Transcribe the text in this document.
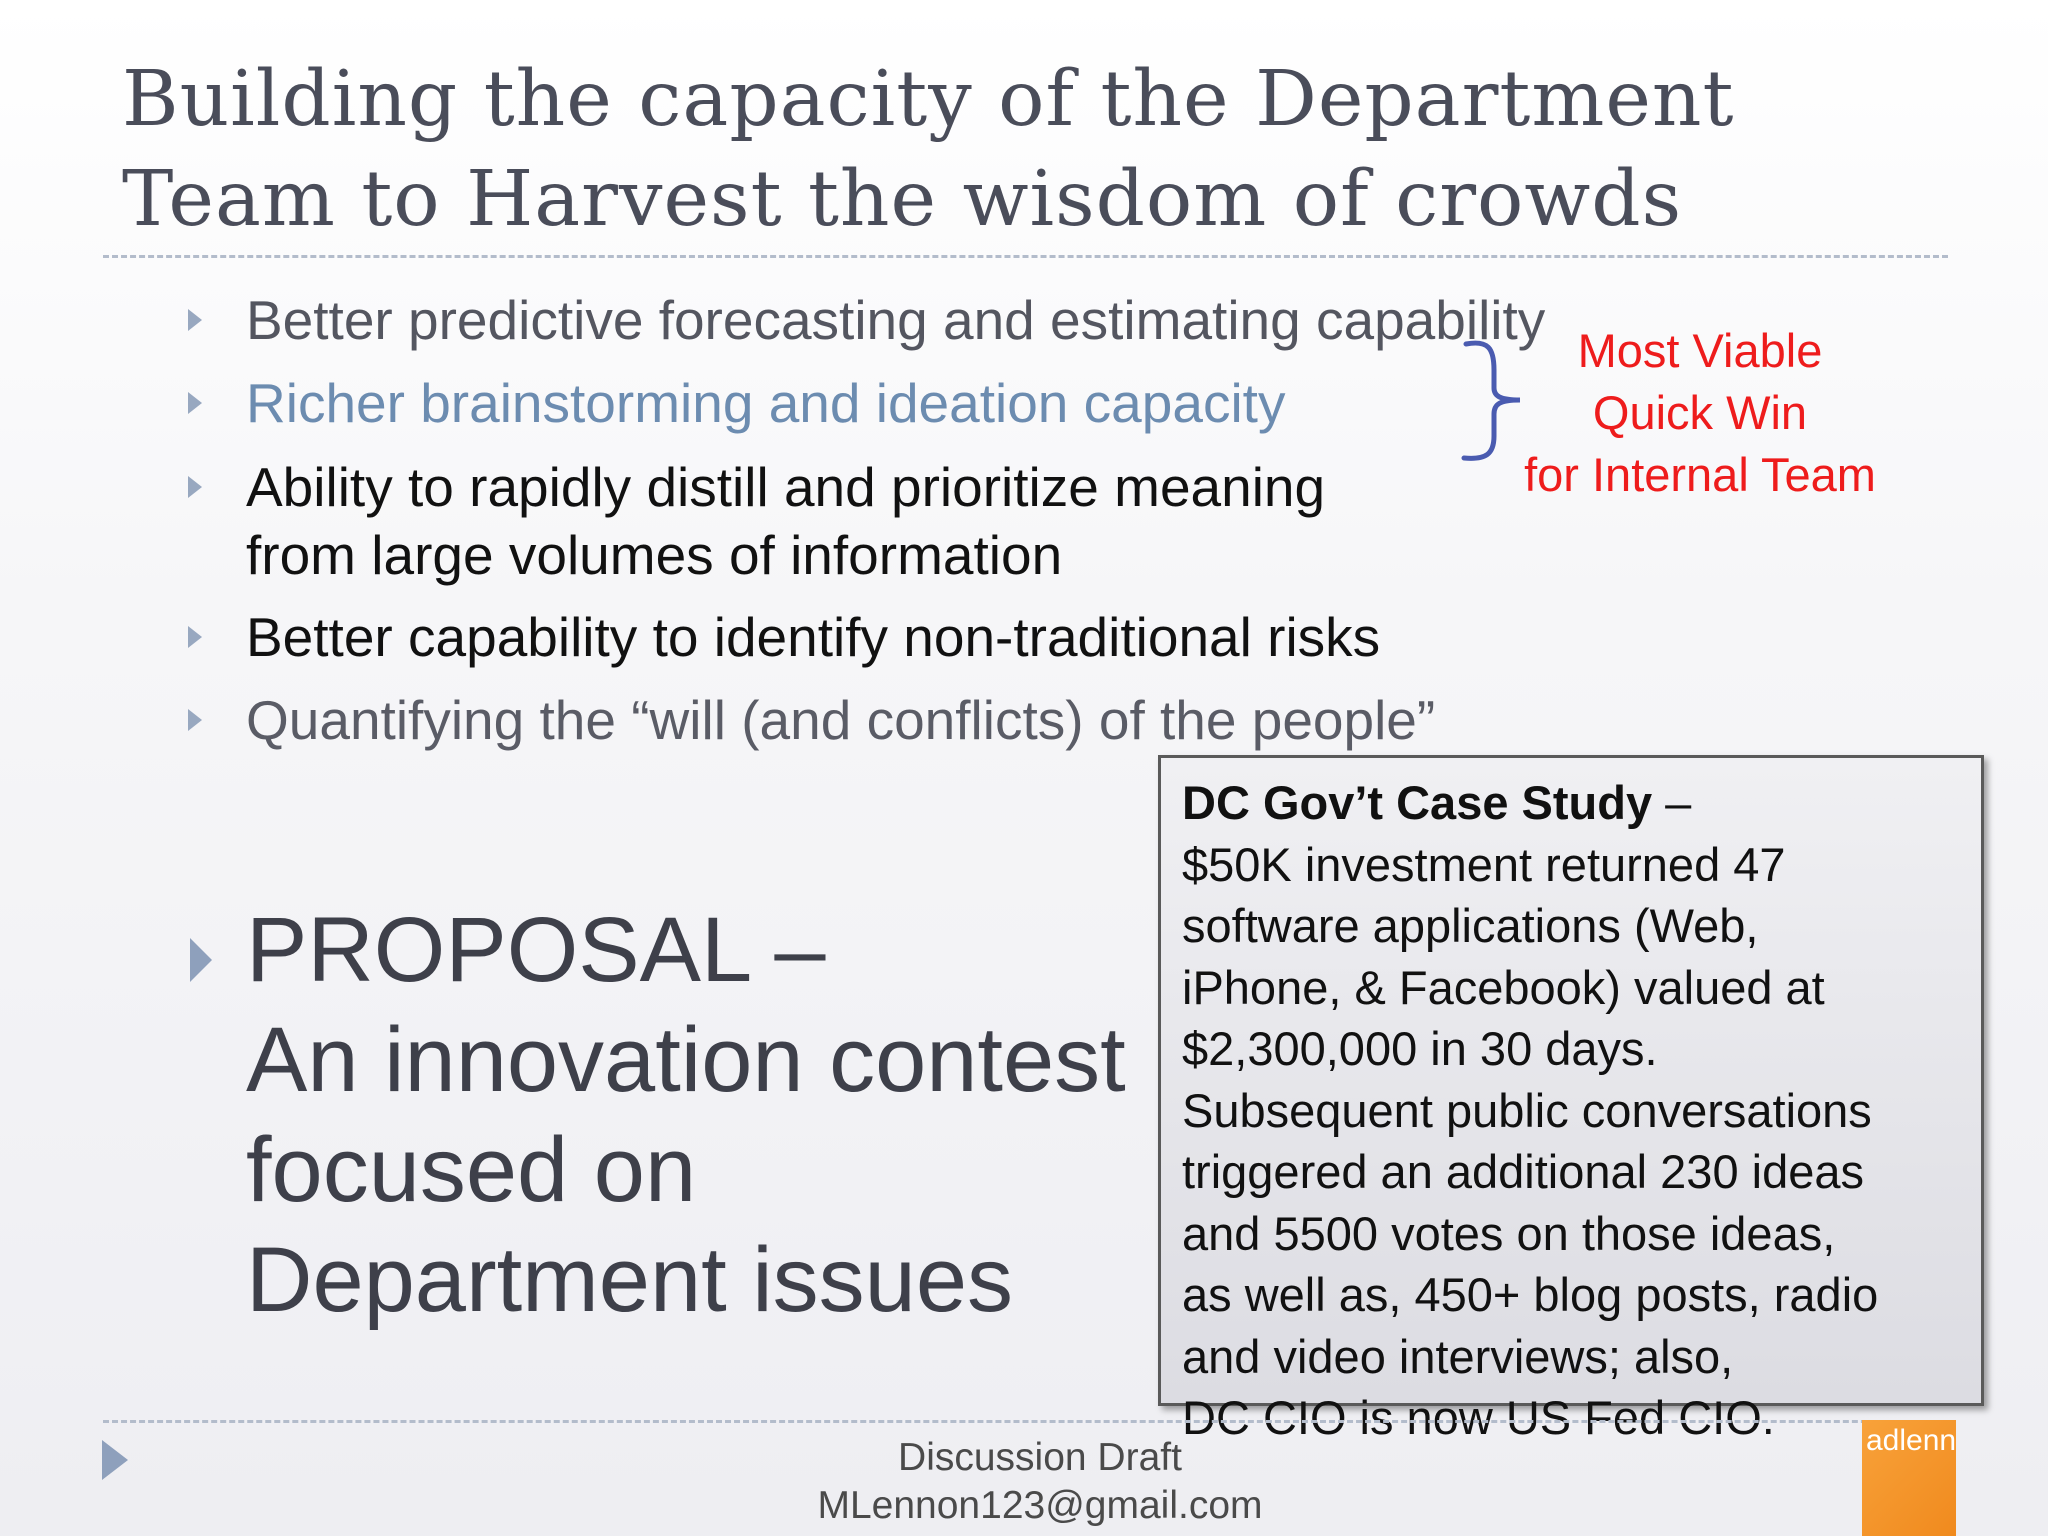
Building the capacity of the Department
Team to Harvest the wisdom of crowds
Better predictive forecasting and estimating capability
Richer brainstorming and ideation capacity
Ability to rapidly distill and prioritize meaning
from large volumes of information
Better capability to identify non-traditional risks
Quantifying the “will (and conflicts) of the people”
Most Viable
Quick Win
for Internal Team
PROPOSAL –
An innovation contest
focused on
Department issues
DC Gov’t Case Study –
$50K investment returned 47
software applications (Web,
iPhone, & Facebook) valued at
$2,300,000 in 30 days.
Subsequent public conversations
triggered an additional 230 ideas
and 5500 votes on those ideas,
as well as, 450+ blog posts, radio
and video interviews; also,
DC CIO is now US Fed CIO.
Discussion Draft
MLennon123@gmail.com
adlenn
